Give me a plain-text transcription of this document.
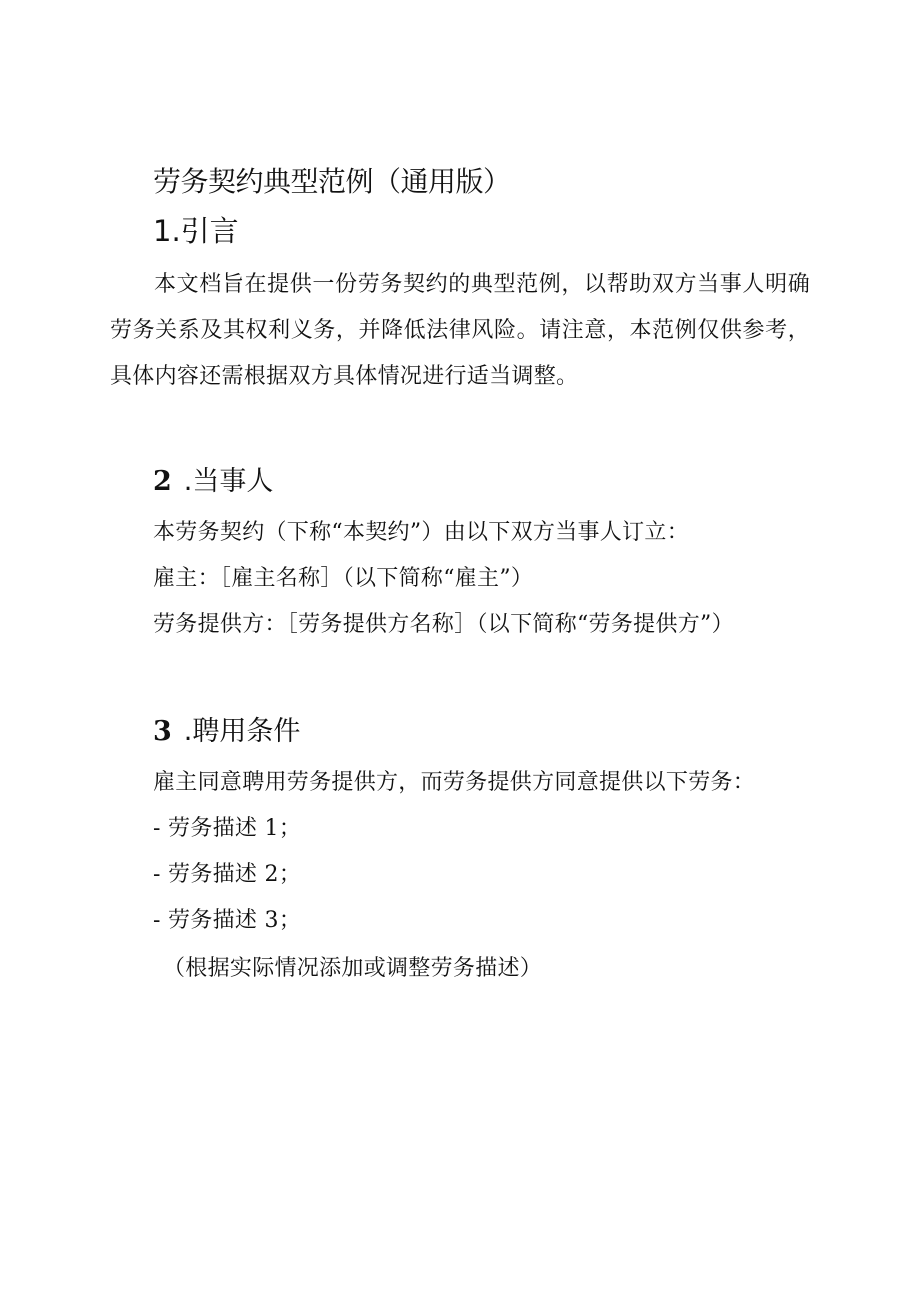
劳务契约典型范例（通用版）
1.引言
本文档旨在提供一份劳务契约的典型范例，以帮助双方当事人明确劳务关系及其权利义务，并降低法律风险。请注意，本范例仅供参考，具体内容还需根据双方具体情况进行适当调整。
2 .当事人
本劳务契约（下称“本契约”）由以下双方当事人订立：
雇主：［雇主名称］（以下简称“雇主”）
劳务提供方：［劳务提供方名称］（以下简称“劳务提供方”）
3 .聘用条件
雇主同意聘用劳务提供方，而劳务提供方同意提供以下劳务：
- 劳务描述 1；
- 劳务描述 2；
- 劳务描述 3；
（根据实际情况添加或调整劳务描述）
